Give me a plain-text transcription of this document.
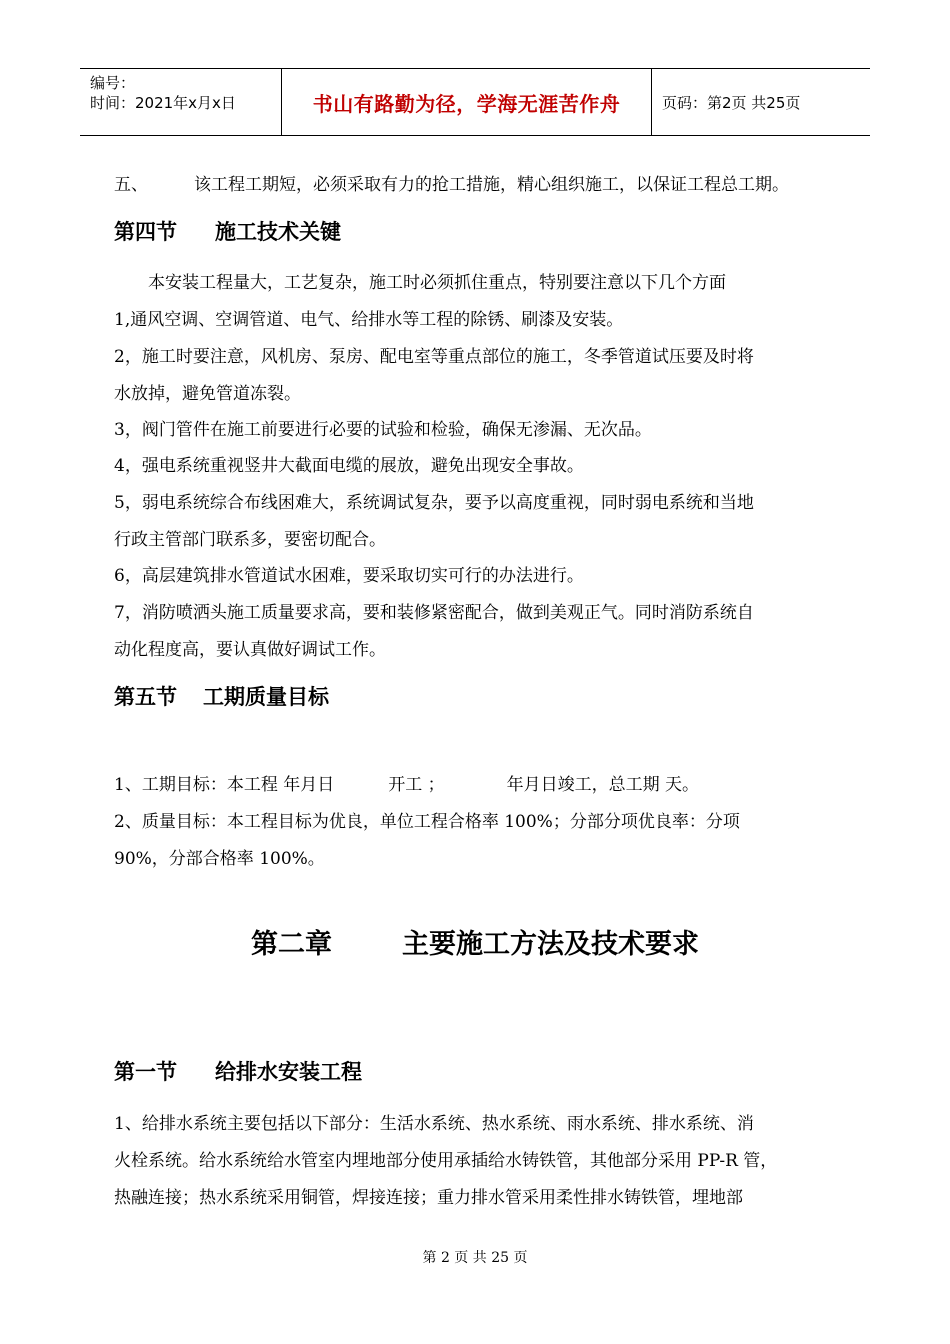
编号：
时间：2021年x月x日	书山有路勤为径，学海无涯苦作舟	页码：第2页 共25页
五、	该工程工期短，必须采取有力的抢工措施，精心组织施工，以保证工程总工期。
第四节 施工技术关键
本安装工程量大，工艺复杂，施工时必须抓住重点，特别要注意以下几个方面
1,通风空调、空调管道、电气、给排水等工程的除锈、刷漆及安装。
2，施工时要注意，风机房、泵房、配电室等重点部位的施工，冬季管道试压要及时将
水放掉，避免管道冻裂。
3，阀门管件在施工前要进行必要的试验和检验，确保无渗漏、无次品。
4，强电系统重视竖井大截面电缆的展放，避免出现安全事故。
5，弱电系统综合布线困难大，系统调试复杂，要予以高度重视，同时弱电系统和当地
行政主管部门联系多，要密切配合。
6，高层建筑排水管道试水困难，要采取切实可行的办法进行。
7，消防喷洒头施工质量要求高，要和装修紧密配合，做到美观正气。同时消防系统自
动化程度高，要认真做好调试工作。
第五节 工期质量目标
1、工期目标：本工程 年月日	开工 ；	年月日竣工，总工期 天。
2、质量目标：本工程目标为优良，单位工程合格率 100%；分部分项优良率：分项
90%，分部合格率 100%。
第二章	主要施工方法及技术要求
第一节 给排水安装工程
1、给排水系统主要包括以下部分：生活水系统、热水系统、雨水系统、排水系统、消
火栓系统。给水系统给水管室内埋地部分使用承插给水铸铁管，其他部分采用 PP-R 管，
热融连接；热水系统采用铜管，焊接连接；重力排水管采用柔性排水铸铁管，埋地部
第 2 页 共 25 页
